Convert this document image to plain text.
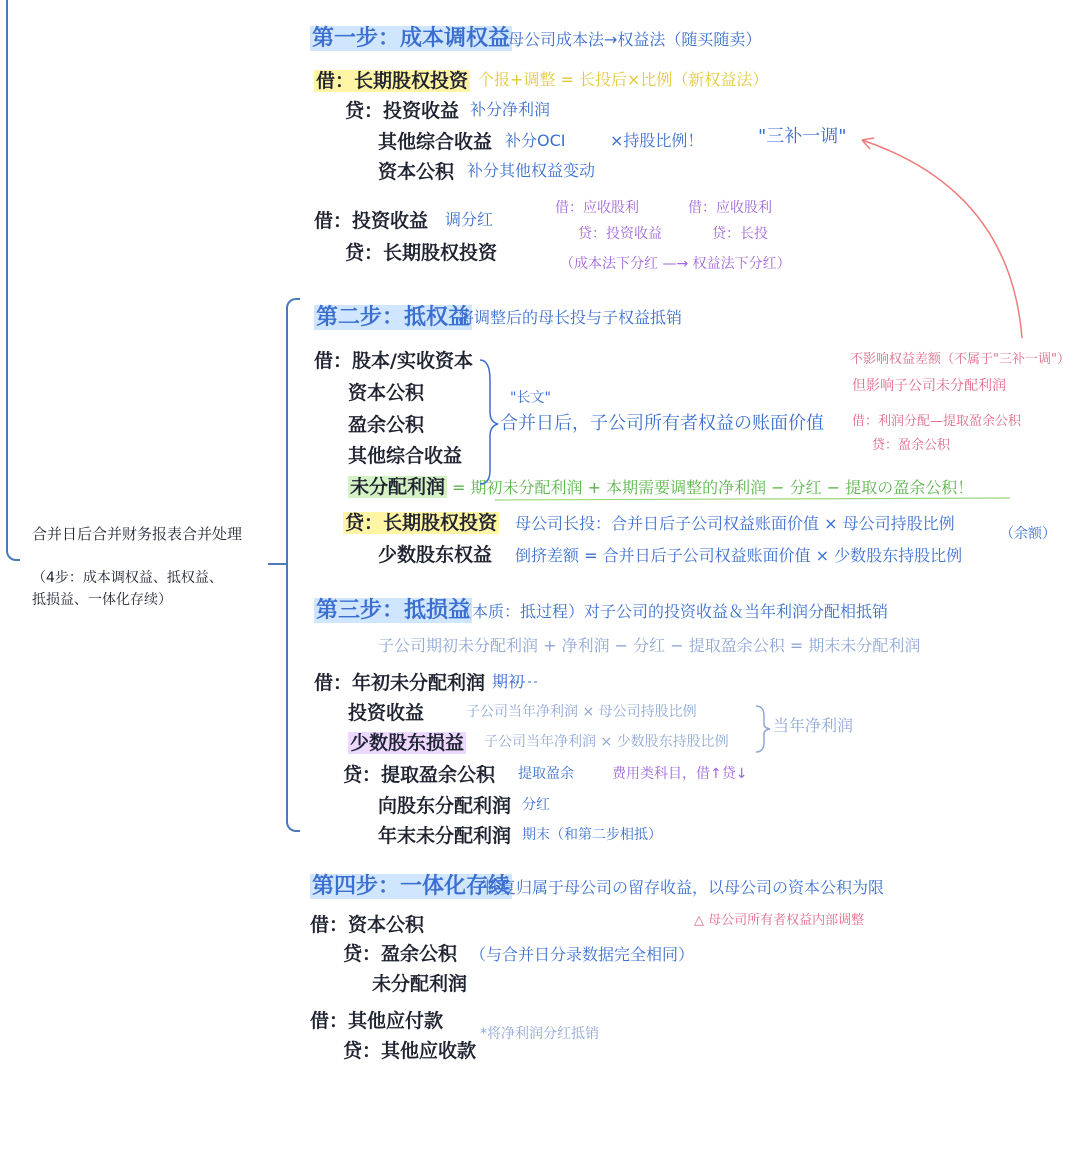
合并日后合并财务报表合并处理
（4步：成本调权益、抵权益、
抵损益、一体化存续）
第一步：成本调权益
母公司成本法→权益法（随买随卖）
借：长期股权投资 个报+调整 = 长投后×比例（新权益法）
贷：投资收益 补分净利润
其他综合收益 补分OCI	×持股比例！	"三补一调"
资本公积 补分其他权益变动
借：投资收益 调分红
贷：长期股权投资
借：应收股利
贷：投资收益
借：应收股利
贷：长投
（成本法下分红 —→ 权益法下分红）
第二步：抵权益
将调整后的母长投与子权益抵销
借：股本/实收资本
资本公积
盈余公积
其他综合收益
未分配利润
"长文"
合并日后，子公司所有者权益の账面价值
= 期初未分配利润 + 本期需要调整的净利润 − 分红 − 提取の盈余公积！
贷：长期股权投资 母公司长投：合并日后子公司权益账面价值 × 母公司持股比例
少数股东权益 倒挤差额 = 合并日后子公司权益账面价值 × 少数股东持股比例
（余额）
不影响权益差额（不属于"三补一调"）
但影响子公司未分配利润
借：利润分配—提取盈余公积
贷：盈余公积
第三步：抵损益
（本质：抵过程）对子公司的投资收益＆当年利润分配相抵销
子公司期初未分配利润 + 净利润 − 分红 − 提取盈余公积 = 期末未分配利润
借：年初未分配利润 期初
投资收益	子公司当年净利润 × 母公司持股比例
少数股东损益 子公司当年净利润 × 少数股东持股比例
当年净利润
贷：提取盈余公积 提取盈余	费用类科目，借↑贷↓
向股东分配利润 分红
年末未分配利润 期末（和第二步相抵）
第四步：一体化存续
恢复归属于母公司の留存收益，以母公司の资本公积为限
△ 母公司所有者权益内部调整
借：资本公积
贷：盈余公积 （与合并日分录数据完全相同）
未分配利润
借：其他应付款
*将净利润分红抵销
贷：其他应收款
